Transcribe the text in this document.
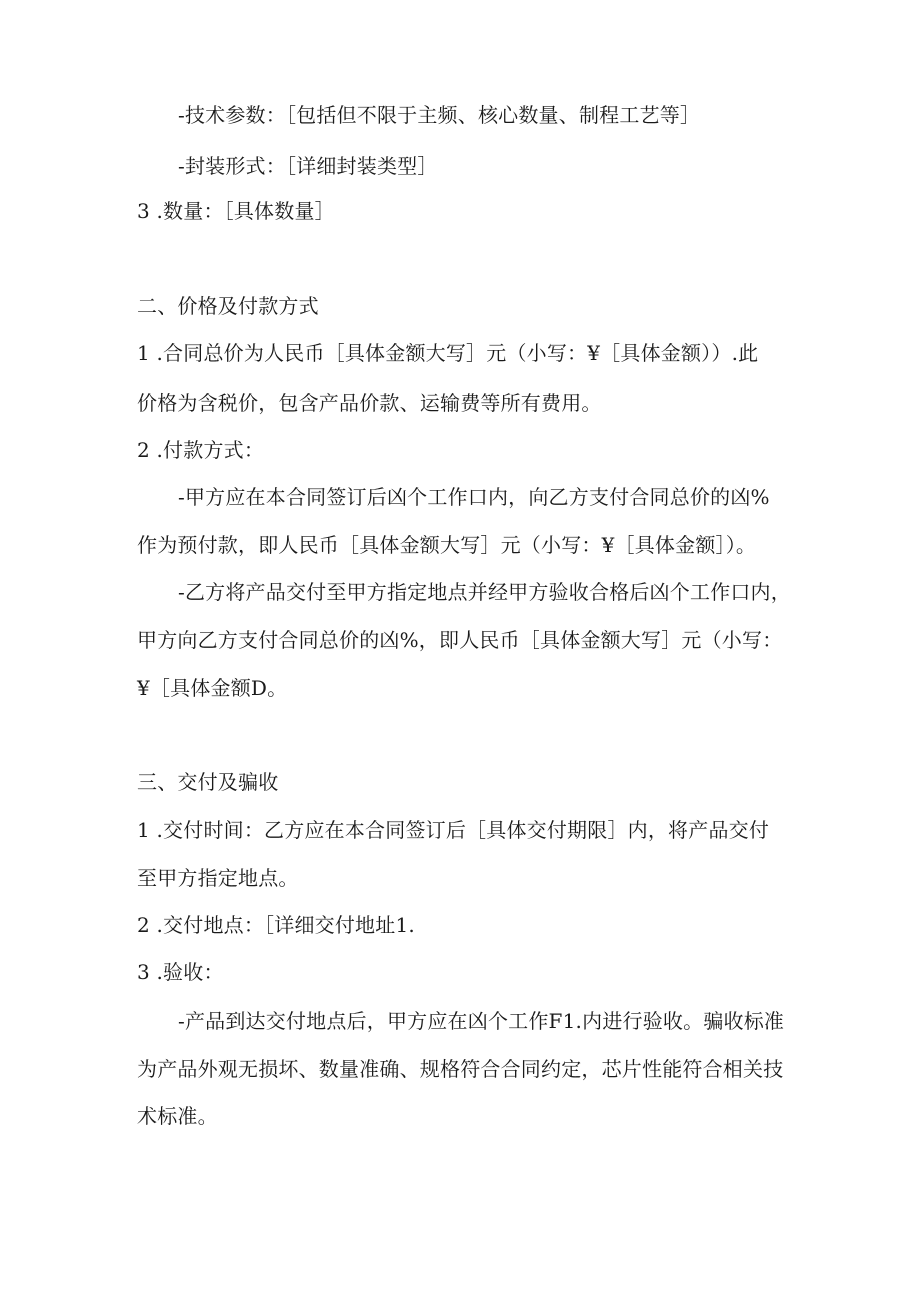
-技术参数：［包括但不限于主频、核心数量、制程工艺等］
-封装形式：［详细封装类型］
3 .数量：［具体数量］
二、价格及付款方式
1 .合同总价为人民币［具体金额大写］元（小写：¥［具体金额））.此
价格为含税价，包含产品价款、运输费等所有费用。
2 .付款方式：
-甲方应在本合同签订后凶个工作口内，向乙方支付合同总价的凶%
作为预付款，即人民币［具体金额大写］元（小写：¥［具体金额］）。
-乙方将产品交付至甲方指定地点并经甲方验收合格后凶个工作口内，
甲方向乙方支付合同总价的凶%，即人民币［具体金额大写］元（小写：
¥［具体金额D。
三、交付及骗收
1 .交付时间：乙方应在本合同签订后［具体交付期限］内，将产品交付
至甲方指定地点。
2 .交付地点：［详细交付地址1.
3 .验收：
-产品到达交付地点后，甲方应在凶个工作F1.内进行验收。骗收标准
为产品外观无损坏、数量准确、规格符合合同约定，芯片性能符合相关技
术标准。
